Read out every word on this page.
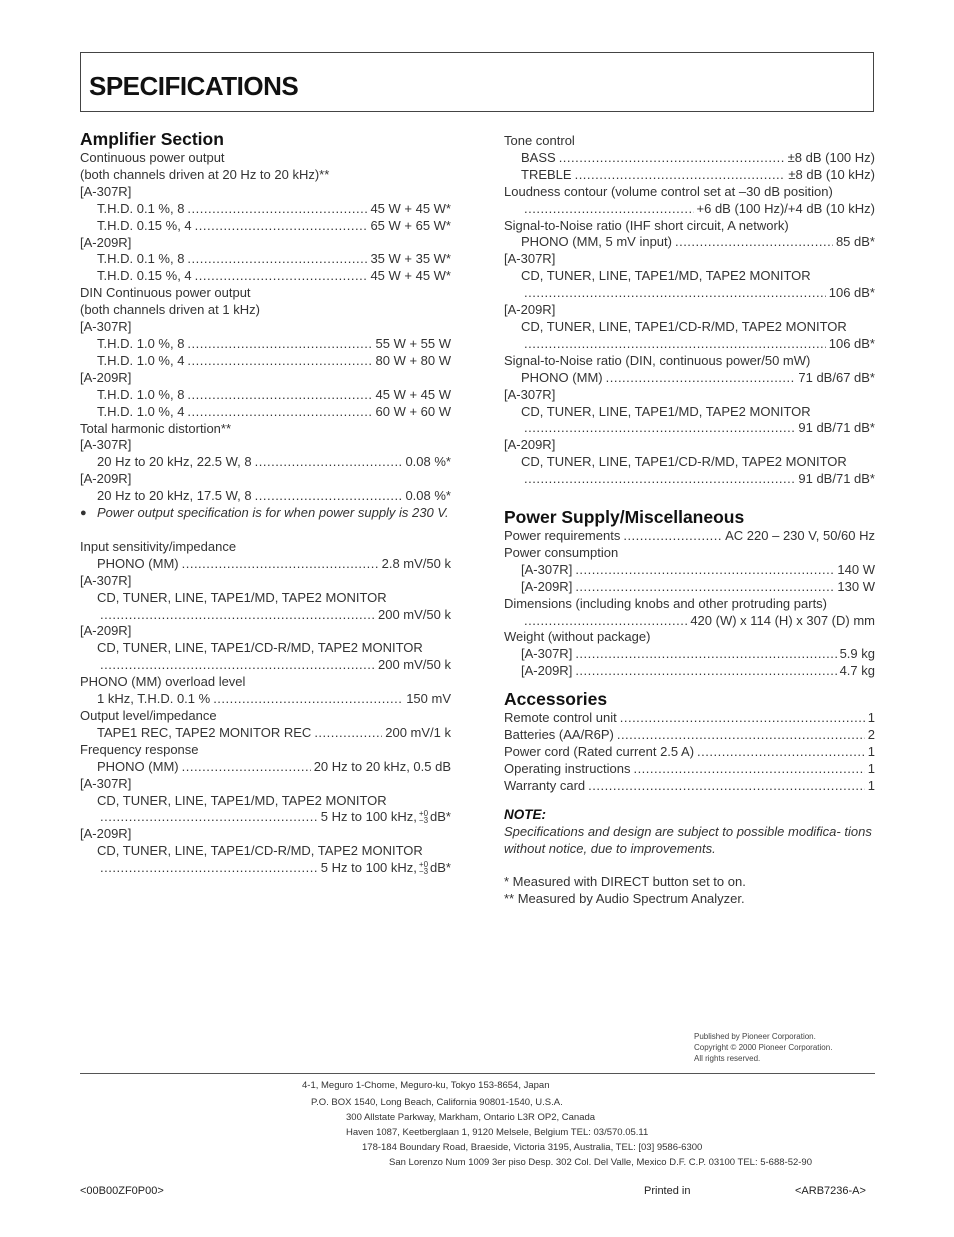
SPECIFICATIONS
Amplifier Section
Continuous power output
(both channels driven at 20 Hz to 20 kHz)**
[A-307R]
T.H.D. 0.1 %, 8 .....	45 W + 45 W*
T.H.D. 0.15 %, 4 .....	65 W + 65 W*
[A-209R]
T.H.D. 0.1 %, 8 .....	35 W + 35 W*
T.H.D. 0.15 %, 4 .....	45 W + 45 W*
DIN Continuous power output
(both channels driven at 1 kHz)
[A-307R]
T.H.D. 1.0 %, 8 .....	55 W + 55 W
T.H.D. 1.0 %, 4 .....	80 W + 80 W
[A-209R]
T.H.D. 1.0 %, 8 .....	45 W + 45 W
T.H.D. 1.0 %, 4 .....	60 W + 60 W
Total harmonic distortion**
[A-307R]
20 Hz to 20 kHz, 22.5 W, 8 .....	0.08 %*
[A-209R]
20 Hz to 20 kHz, 17.5 W, 8 .....	0.08 %*
● Power output specification is for when power supply is 230 V.
Input sensitivity/impedance
PHONO (MM) .....	2.8 mV/50 k
[A-307R]
CD, TUNER, LINE, TAPE1/MD, TAPE2 MONITOR
.....
200 mV/50 k
[A-209R]
CD, TUNER, LINE, TAPE1/CD-R/MD, TAPE2 MONITOR
.....
200 mV/50 k
PHONO (MM) overload level
1 kHz, T.H.D. 0.1 % .....	150 mV
Output level/impedance
TAPE1 REC, TAPE2 MONITOR REC .....	200 mV/1 k
Frequency response
PHONO (MM) .....	20 Hz to 20 kHz, 0.5 dB
[A-307R]
CD, TUNER, LINE, TAPE1/MD, TAPE2 MONITOR
.....
5 Hz to 100 kHz, +0
−3 dB*
[A-209R]
CD, TUNER, LINE, TAPE1/CD-R/MD, TAPE2 MONITOR
.....
5 Hz to 100 kHz, +0
−3 dB*
Tone control
BASS .....	±8 dB (100 Hz)
TREBLE .....	±8 dB (10 kHz)
Loudness contour (volume control set at –30 dB position)
.....
+6 dB (100 Hz)/+4 dB (10 kHz)
Signal-to-Noise ratio (IHF short circuit, A network)
PHONO (MM, 5 mV input) .....	85 dB*
[A-307R]
CD, TUNER, LINE, TAPE1/MD, TAPE2 MONITOR
.....
106 dB*
[A-209R]
CD, TUNER, LINE, TAPE1/CD-R/MD, TAPE2 MONITOR
.....
106 dB*
Signal-to-Noise ratio (DIN, continuous power/50 mW)
PHONO (MM) .....	71 dB/67 dB*
[A-307R]
CD, TUNER, LINE, TAPE1/MD, TAPE2 MONITOR
.....
91 dB/71 dB*
[A-209R]
CD, TUNER, LINE, TAPE1/CD-R/MD, TAPE2 MONITOR
.....
91 dB/71 dB*
Power Supply/Miscellaneous
Power requirements .....	AC 220 – 230 V, 50/60 Hz
Power consumption
[A-307R] .....	140 W
[A-209R] .....	130 W
Dimensions (including knobs and other protruding parts)
.....
420 (W) x 114 (H) x 307 (D) mm
Weight (without package)
[A-307R] .....	5.9 kg
[A-209R] .....	4.7 kg
Accessories
Remote control unit .....	1
Batteries (AA/R6P) .....	2
Power cord (Rated current 2.5 A) .....	1
Operating instructions .....	1
Warranty card .....	1
NOTE:
Specifications and design are subject to possible modifica- tions without notice, due to improvements.
* Measured with DIRECT button set to on.
** Measured by Audio Spectrum Analyzer.
Published by Pioneer Corporation.
Copyright © 2000 Pioneer Corporation.
All rights reserved.
4-1, Meguro 1-Chome, Meguro-ku, Tokyo 153-8654, Japan
P.O. BOX 1540, Long Beach, California 90801-1540, U.S.A.
300 Allstate Parkway, Markham, Ontario L3R OP2, Canada
Haven 1087, Keetberglaan 1, 9120 Melsele, Belgium TEL: 03/570.05.11
178-184 Boundary Road, Braeside, Victoria 3195, Australia, TEL: [03] 9586-6300
San Lorenzo Num 1009 3er piso Desp. 302 Col. Del Valle, Mexico D.F. C.P. 03100 TEL: 5-688-52-90
<00B00ZF0P00>	Printed in	<ARB7236-A>
